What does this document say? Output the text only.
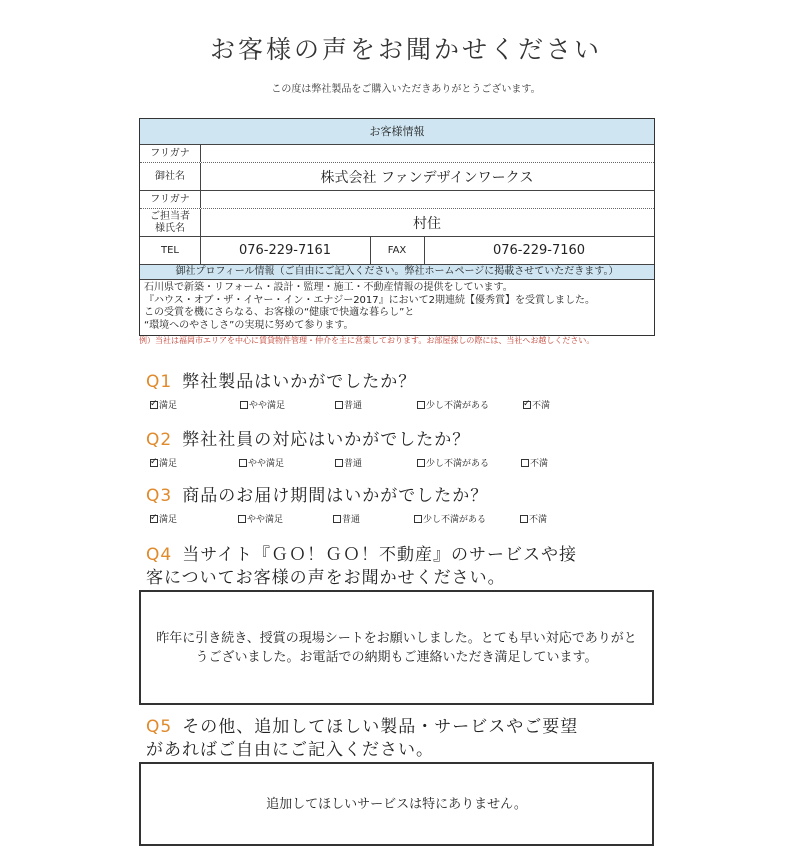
お客様の声をお聞かせください
この度は弊社製品をご購入いただきありがとうございます。
お客様情報
フリガナ
御社名	株式会社 ファンデザインワークス
フリガナ
ご担当者
様氏名	村住
TEL	076-229-7161	FAX	076-229-7160
御社プロフィール情報（ご自由にご記入ください。弊社ホームページに掲載させていただきます。）
石川県で新築・リフォーム・設計・監理・施工・不動産情報の提供をしています。
『ハウス・オブ・ザ・イヤー・イン・エナジー2017』において2期連続【優秀賞】を受賞しました。
この受賞を機にさらなる、お客様の“健康で快適な暮らし”と
“環境へのやさしさ”の実現に努めて参ります。
例）当社は福岡市エリアを中心に賃貸物件管理・仲介を主に営業しております。お部屋探しの際には、当社へお越しください。
Q1 弊社製品はいかがでしたか？
✓
満足	やや満足	普通	少し不満がある
✓	不満
Q2 弊社社員の対応はいかがでしたか？
✓
満足	やや満足	普通	少し不満がある	不満
Q3 商品のお届け期間はいかがでしたか？
✓
満足	やや満足	普通	少し不満がある	不満
Q4 当サイト『ＧＯ！ＧＯ！不動産』のサービスや接
客についてお客様の声をお聞かせください。
昨年に引き続き、授賞の現場シートをお願いしました。とても早い対応でありがとうございました。お電話での納期もご連絡いただき満足しています。
Q5 その他、追加してほしい製品・サービスやご要望
があればご自由にご記入ください。
追加してほしいサービスは特にありません。
